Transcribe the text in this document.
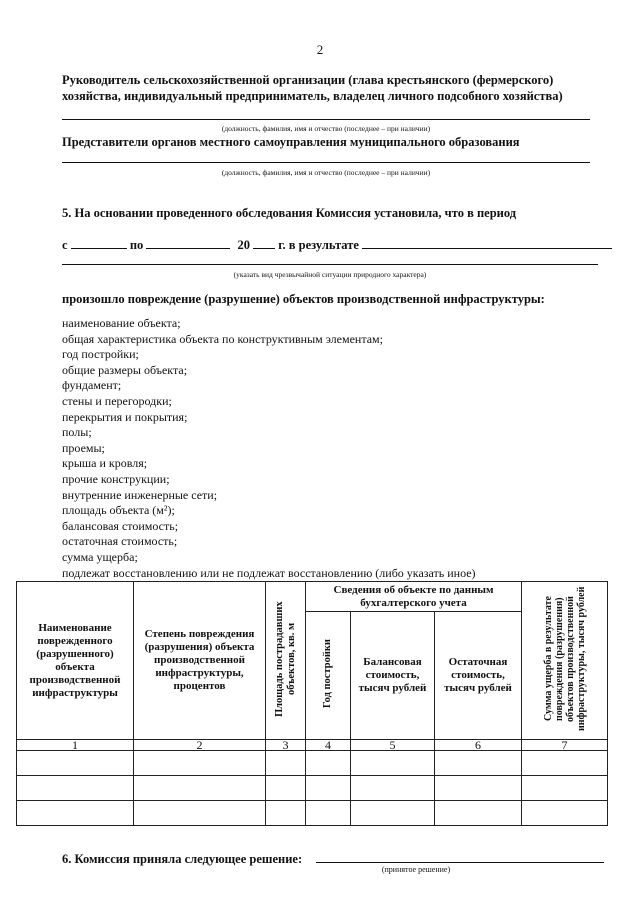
2
Руководитель сельскохозяйственной организации (глава крестьянского (фермерского)
хозяйства, индивидуальный предприниматель, владелец личного подсобного хозяйства)
(должность, фамилия, имя и отчество (последнее – при наличии)
Представители органов местного самоуправления муниципального образования
(должность, фамилия, имя и отчество (последнее – при наличии)
5. На основании проведенного обследования Комиссия установила, что в период
с	по	20 г. в результате
(указать вид чрезвычайной ситуации природного характера)
произошло повреждение (разрушение) объектов производственной инфраструктуры:
наименование объекта;
общая характеристика объекта по конструктивным элементам;
год постройки;
общие размеры объекта;
фундамент;
стены и перегородки;
перекрытия и покрытия;
полы;
проемы;
крыша и кровля;
прочие конструкции;
внутренние инженерные сети;
площадь объекта (м²);
балансовая стоимость;
остаточная стоимость;
сумма ущерба;
подлежат восстановлению или не подлежат восстановлению (либо указать иное)
Наименование поврежденного (разрушенного) объекта производственной инфраструктуры	Степень повреждения (разрушения) объекта производственной инфраструктуры, процентов	Площадь пострадавших объектов, кв. м	Сведения об объекте по данным бухгалтерского учета			Сумма ущерба в результате повреждения (разрушения) объектов производственной инфраструктуры, тысяч рублей
			Год постройки	Балансовая стоимость, тысяч рублей	Остаточная стоимость, тысяч рублей	

1	2	3	4	5	6	7

6. Комиссия приняла следующее решение:
(принятое решение)
